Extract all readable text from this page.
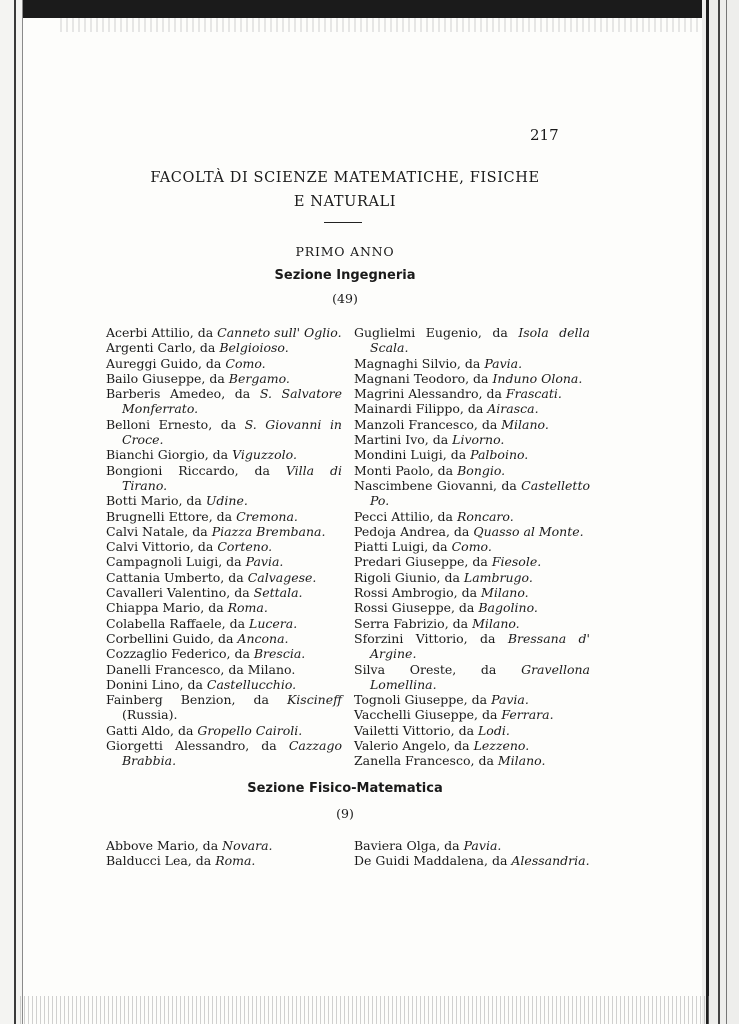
217
FACOLTÀ DI SCIENZE MATEMATICHE, FISICHE
E NATURALI
PRIMO ANNO
Sezione Ingegneria
(49)
Acerbi Attilio, da Canneto sull' Oglio.
Argenti Carlo, da Belgioioso.
Aureggi Guido, da Como.
Bailo Giuseppe, da Bergamo.
Barberis Amedeo, da S. Salvatore Monferrato.
Belloni Ernesto, da S. Giovanni in Croce.
Bianchi Giorgio, da Viguzzolo.
Bongioni Riccardo, da Villa di Tirano.
Botti Mario, da Udine.
Brugnelli Ettore, da Cremona.
Calvi Natale, da Piazza Brembana.
Calvi Vittorio, da Corteno.
Campagnoli Luigi, da Pavia.
Cattania Umberto, da Calvagese.
Cavalleri Valentino, da Settala.
Chiappa Mario, da Roma.
Colabella Raffaele, da Lucera.
Corbellini Guido, da Ancona.
Cozzaglio Federico, da Brescia.
Danelli Francesco, da Milano.
Donini Lino, da Castellucchio.
Fainberg Benzion, da Kiscineff (Russia).
Gatti Aldo, da Gropello Cairoli.
Giorgetti Alessandro, da Cazzago Brabbia.
Guglielmi Eugenio, da Isola della Scala.
Magnaghi Silvio, da Pavia.
Magnani Teodoro, da Induno Olona.
Magrini Alessandro, da Frascati.
Mainardi Filippo, da Airasca.
Manzoli Francesco, da Milano.
Martini Ivo, da Livorno.
Mondini Luigi, da Palboino.
Monti Paolo, da Bongio.
Nascimbene Giovanni, da Castelletto Po.
Pecci Attilio, da Roncaro.
Pedoja Andrea, da Quasso al Monte.
Piatti Luigi, da Como.
Predari Giuseppe, da Fiesole.
Rigoli Giunio, da Lambrugo.
Rossi Ambrogio, da Milano.
Rossi Giuseppe, da Bagolino.
Serra Fabrizio, da Milano.
Sforzini Vittorio, da Bressana d' Argine.
Silva Oreste, da Gravellona Lomellina.
Tognoli Giuseppe, da Pavia.
Vacchelli Giuseppe, da Ferrara.
Vailetti Vittorio, da Lodi.
Valerio Angelo, da Lezzeno.
Zanella Francesco, da Milano.
Sezione Fisico-Matematica
(9)
Abbove Mario, da Novara.
Balducci Lea, da Roma.
Baviera Olga, da Pavia.
De Guidi Maddalena, da Alessandria.
